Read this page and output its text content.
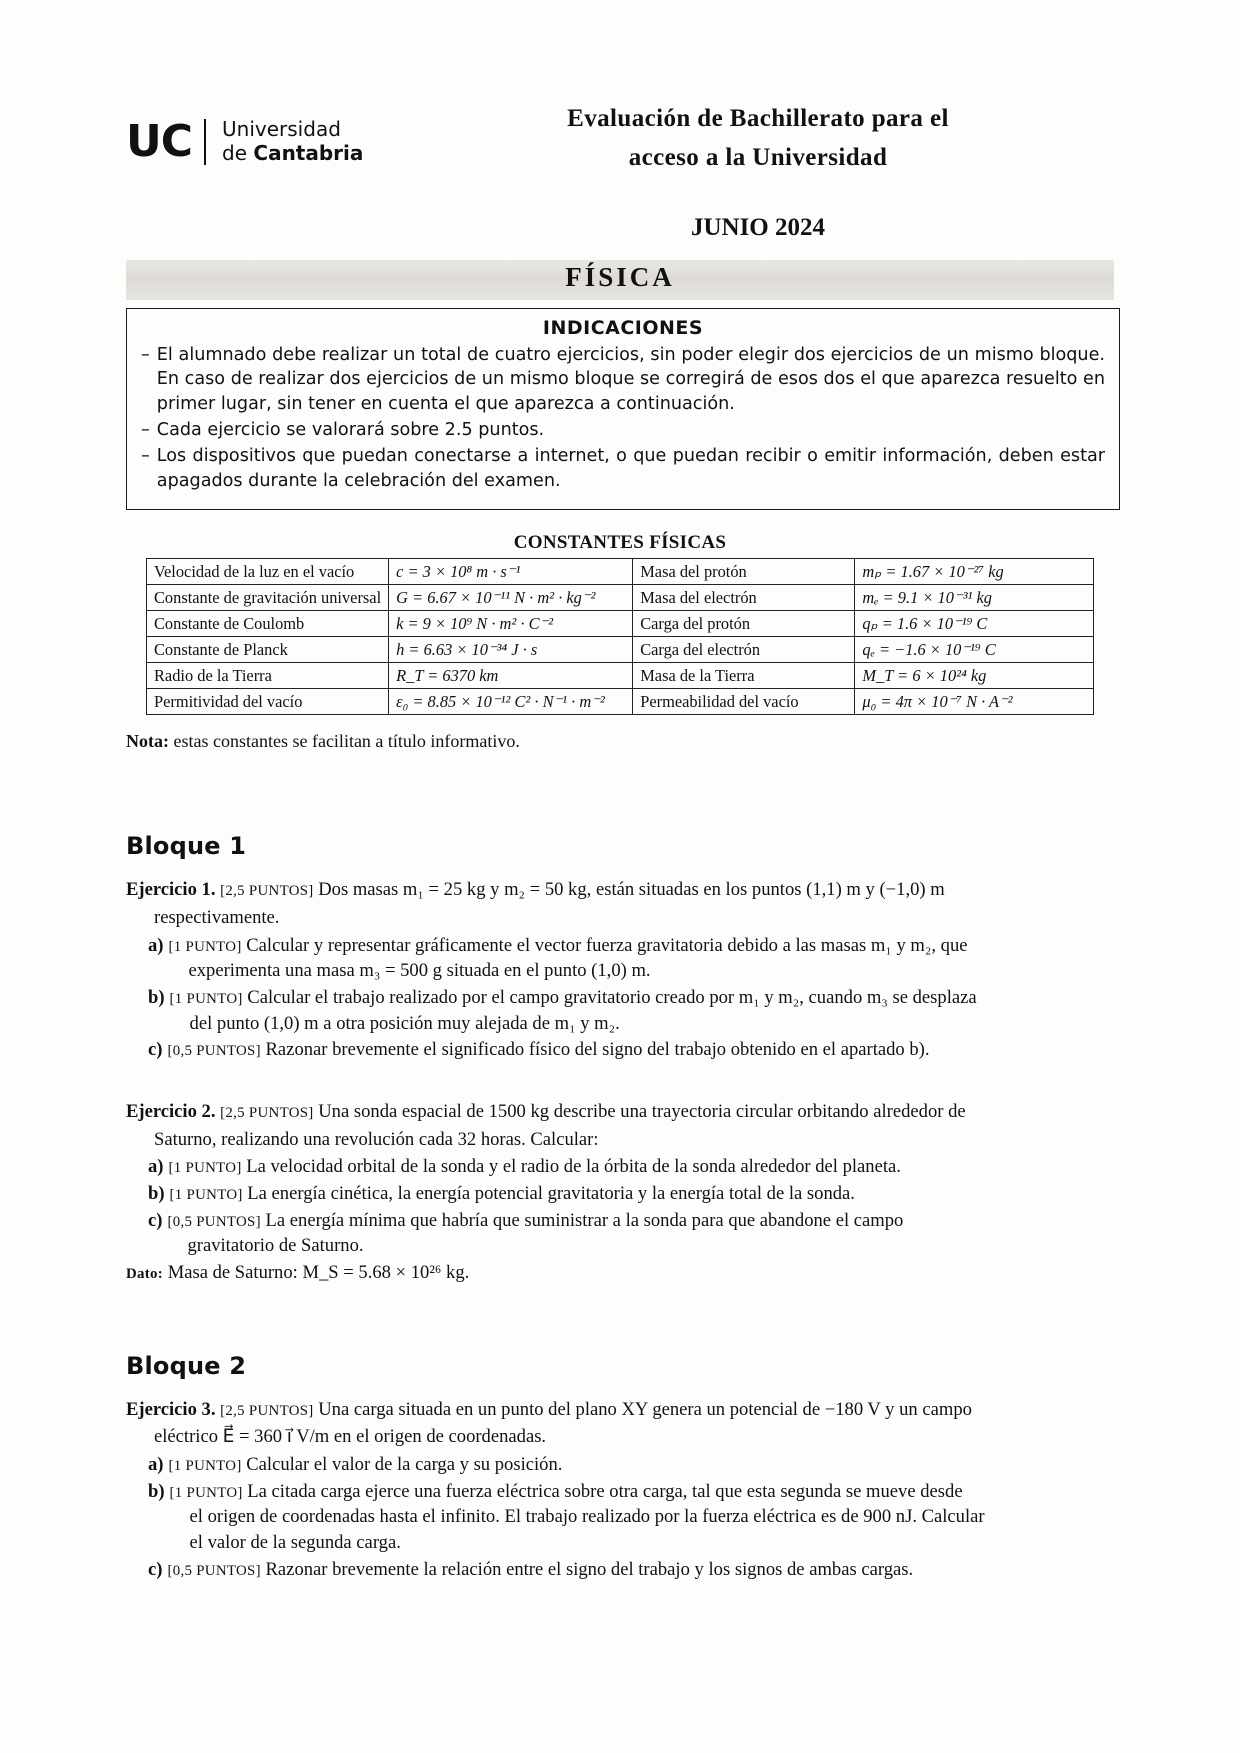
UC Universidad
de Cantabria
Evaluación de Bachillerato para el
acceso a la Universidad
JUNIO 2024
FÍSICA
INDICACIONES
– El alumnado debe realizar un total de cuatro ejercicios, sin poder elegir dos ejercicios de un mismo bloque. En caso de realizar dos ejercicios de un mismo bloque se corregirá de esos dos el que aparezca resuelto en primer lugar, sin tener en cuenta el que aparezca a continuación.
– Cada ejercicio se valorará sobre 2.5 puntos.
– Los dispositivos que puedan conectarse a internet, o que puedan recibir o emitir información, deben estar apagados durante la celebración del examen.
CONSTANTES FÍSICAS
Velocidad de la luz en el vacío	c = 3 × 10⁸ m · s⁻¹	Masa del protón	mₚ = 1.67 × 10⁻²⁷ kg
Constante de gravitación universal	G = 6.67 × 10⁻¹¹ N · m² · kg⁻²	Masa del electrón	mₑ = 9.1 × 10⁻³¹ kg
Constante de Coulomb	k = 9 × 10⁹ N · m² · C⁻²	Carga del protón	qₚ = 1.6 × 10⁻¹⁹ C
Constante de Planck	h = 6.63 × 10⁻³⁴ J · s	Carga del electrón	qₑ = −1.6 × 10⁻¹⁹ C
Radio de la Tierra	R_T = 6370 km	Masa de la Tierra	M_T = 6 × 10²⁴ kg
Permitividad del vacío	ε₀ = 8.85 × 10⁻¹² C² · N⁻¹ · m⁻²	Permeabilidad del vacío	μ₀ = 4π × 10⁻⁷ N · A⁻²
Nota: estas constantes se facilitan a título informativo.
Bloque 1

Ejercicio 1. [2,5 PUNTOS] Dos masas m₁ = 25 kg y m₂ = 50 kg, están situadas en los puntos (1,1) m y (−1,0) m

respectivamente.

a) [1 PUNTO] Calcular y representar gráficamente el vector fuerza gravitatoria debido a las masas m₁ y m₂, que
experimenta una masa m₃ = 500 g situada en el punto (1,0) m.
b) [1 PUNTO] Calcular el trabajo realizado por el campo gravitatorio creado por m₁ y m₂, cuando m₃ se desplaza
del punto (1,0) m a otra posición muy alejada de m₁ y m₂.
c) [0,5 PUNTOS] Razonar brevemente el significado físico del signo del trabajo obtenido en el apartado b).

Ejercicio 2. [2,5 PUNTOS] Una sonda espacial de 1500 kg describe una trayectoria circular orbitando alrededor de

Saturno, realizando una revolución cada 32 horas. Calcular:

a) [1 PUNTO] La velocidad orbital de la sonda y el radio de la órbita de la sonda alrededor del planeta.
b) [1 PUNTO] La energía cinética, la energía potencial gravitatoria y la energía total de la sonda.
c) [0,5 PUNTOS] La energía mínima que habría que suministrar a la sonda para que abandone el campo
gravitatorio de Saturno.

Dato: Masa de Saturno: M_S = 5.68 × 10²⁶ kg.

Bloque 2

Ejercicio 3. [2,5 PUNTOS] Una carga situada en un punto del plano XY genera un potencial de −180 V y un campo

eléctrico E⃗ = 360 i⃗ V/m en el origen de coordenadas.

a) [1 PUNTO] Calcular el valor de la carga y su posición.
b) [1 PUNTO] La citada carga ejerce una fuerza eléctrica sobre otra carga, tal que esta segunda se mueve desde
el origen de coordenadas hasta el infinito. El trabajo realizado por la fuerza eléctrica es de 900 nJ. Calcular
el valor de la segunda carga.
c) [0,5 PUNTOS] Razonar brevemente la relación entre el signo del trabajo y los signos de ambas cargas.
